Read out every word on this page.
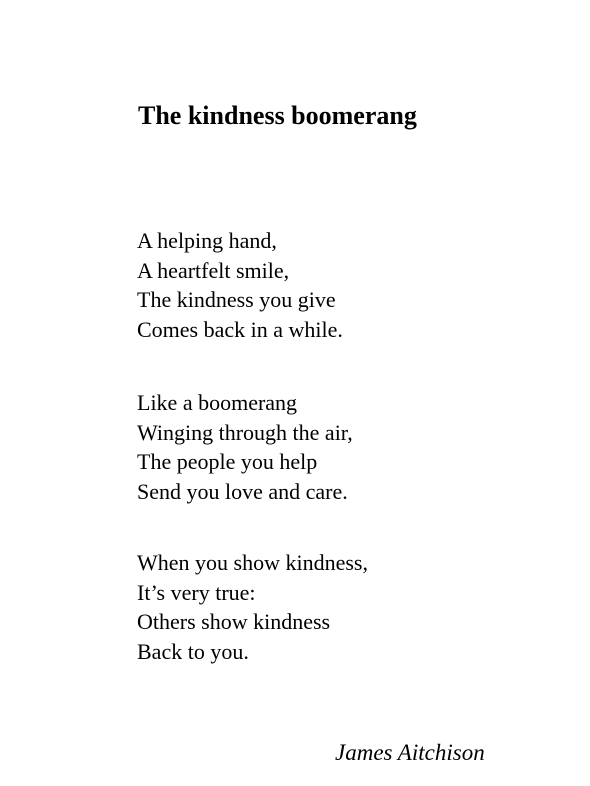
The kindness boomerang
A helping hand,
A heartfelt smile,
The kindness you give
Comes back in a while.
Like a boomerang
Winging through the air,
The people you help
Send you love and care.
When you show kindness,
It’s very true:
Others show kindness
Back to you.

James Aitchison
